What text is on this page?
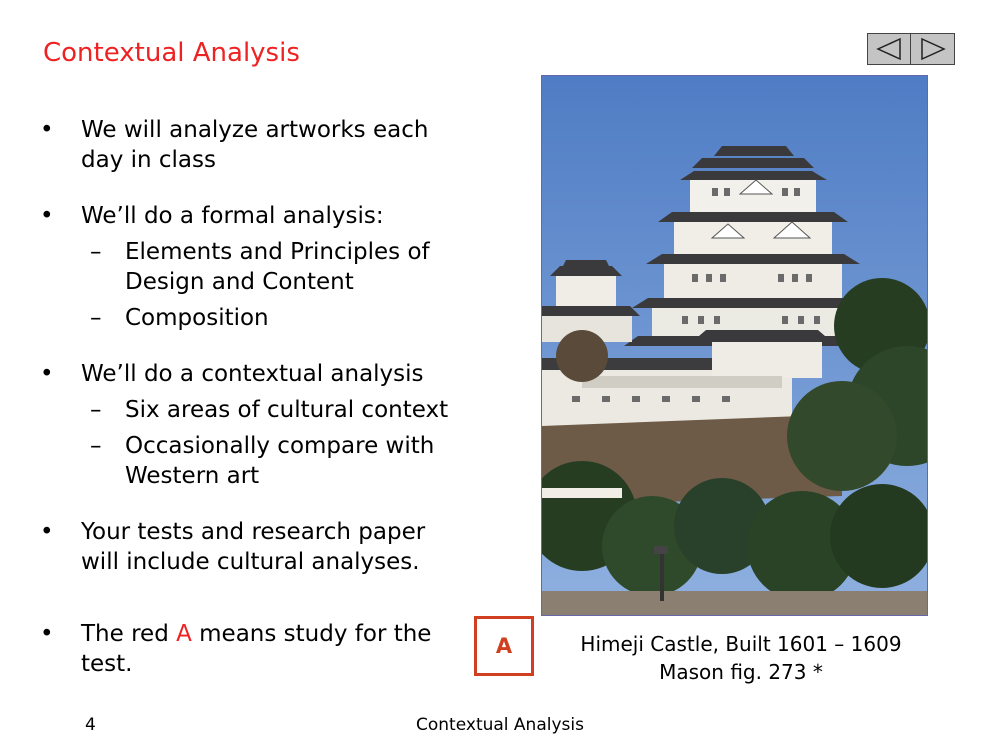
Contextual Analysis

• We will analyze artworks each day in class

• We’ll do a formal analysis:

– Elements and Principles of Design and Content

– Composition

• We’ll do a contextual analysis

– Six areas of cultural context

– Occasionally compare with Western art

• Your tests and research paper will include cultural analyses.

• The red A means study for the test.

A	Himeji Castle, Built 1601 – 1609
Mason fig. 273 *
Contextual Analysis
4
